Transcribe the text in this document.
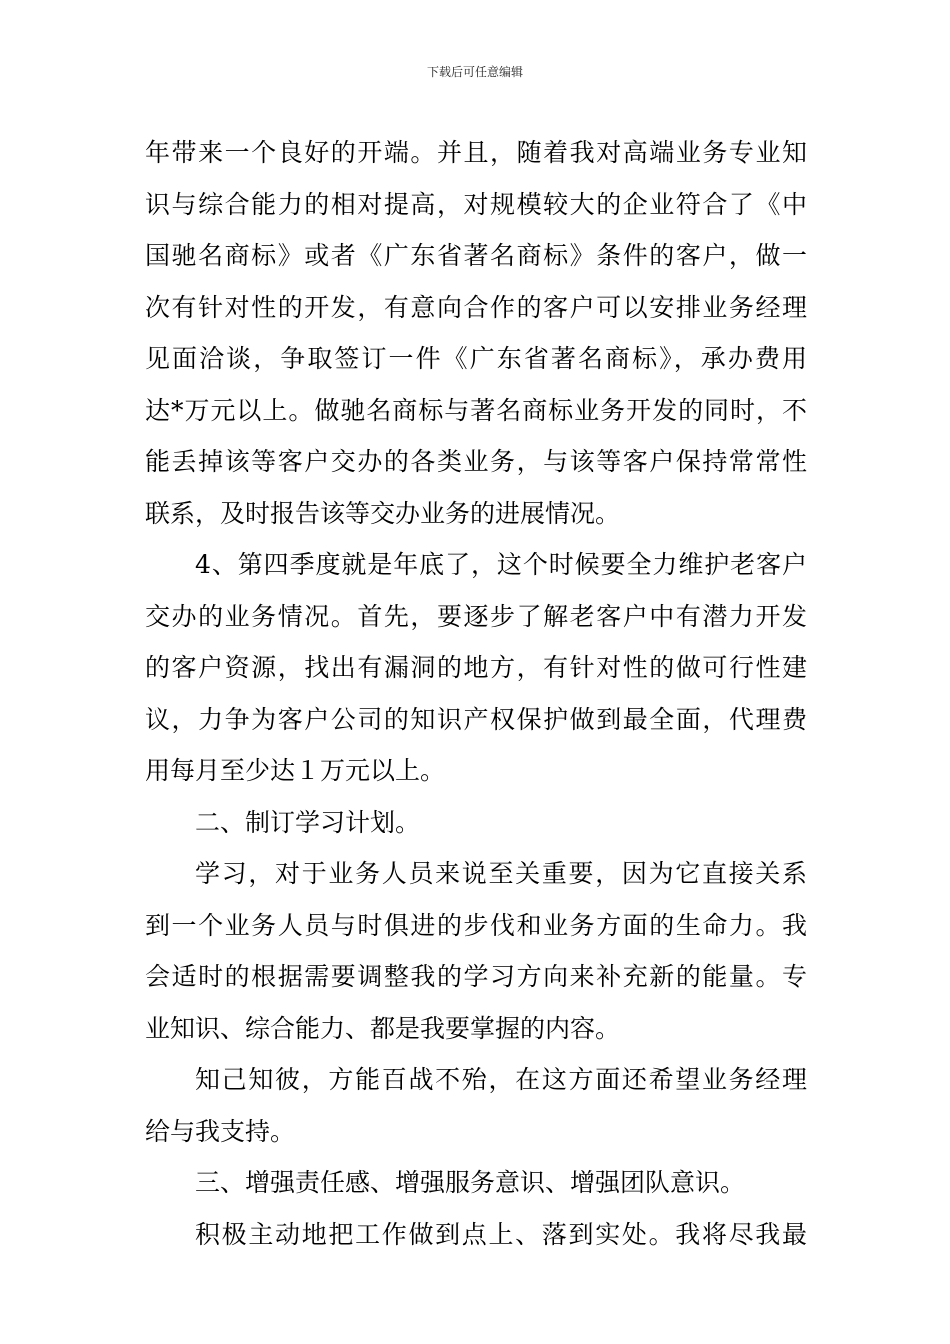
下载后可任意编辑
年带来一个良好的开端。并且，随着我对高端业务专业知
识与综合能力的相对提高，对规模较大的企业符合了《中
国驰名商标》或者《广东省著名商标》条件的客户，做一
次有针对性的开发，有意向合作的客户可以安排业务经理
见面洽谈，争取签订一件《广东省著名商标》，承办费用
达*万元以上。做驰名商标与著名商标业务开发的同时，不
能丢掉该等客户交办的各类业务，与该等客户保持常常性
联系，及时报告该等交办业务的进展情况。
4、第四季度就是年底了，这个时候要全力维护老客户
交办的业务情况。首先，要逐步了解老客户中有潜力开发
的客户资源，找出有漏洞的地方，有针对性的做可行性建
议，力争为客户公司的知识产权保护做到最全面，代理费
用每月至少达１万元以上。
二、制订学习计划。
学习，对于业务人员来说至关重要，因为它直接关系
到一个业务人员与时俱进的步伐和业务方面的生命力。我
会适时的根据需要调整我的学习方向来补充新的能量。专
业知识、综合能力、都是我要掌握的内容。
知己知彼，方能百战不殆，在这方面还希望业务经理
给与我支持。
三、增强责任感、增强服务意识、增强团队意识。
积极主动地把工作做到点上、落到实处。我将尽我最
